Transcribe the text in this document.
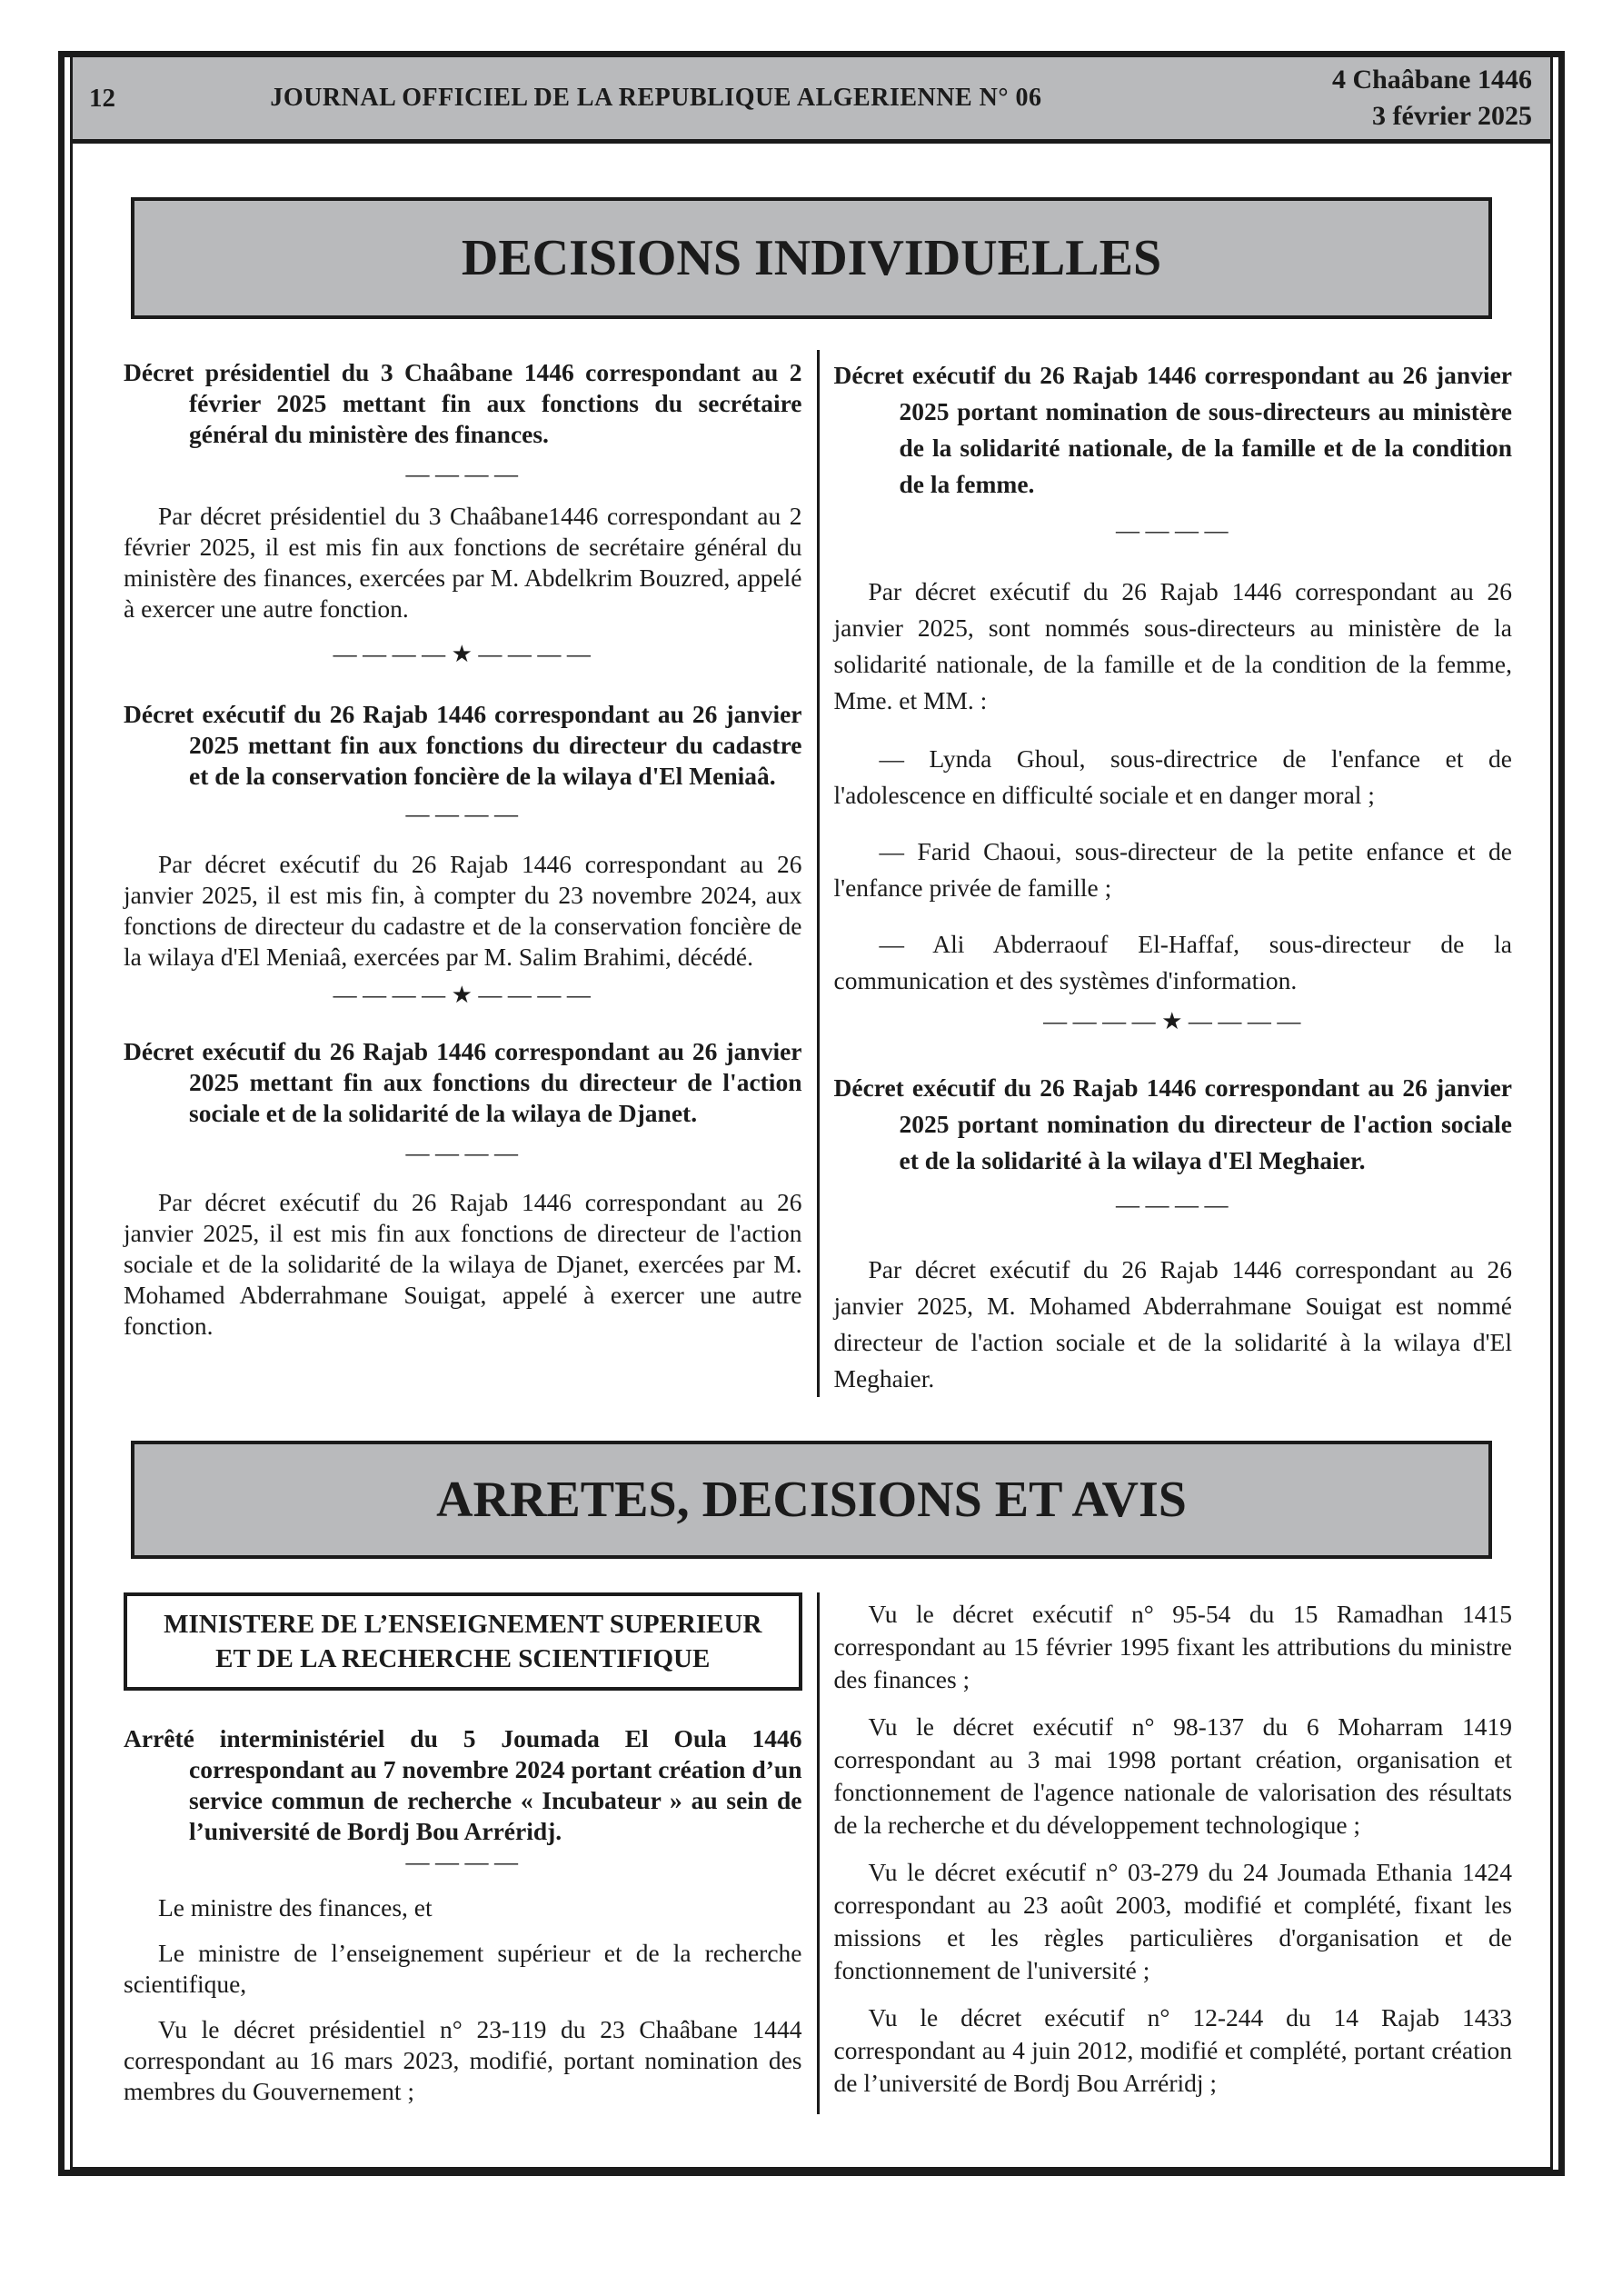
12	JOURNAL OFFICIEL DE LA REPUBLIQUE ALGERIENNE N° 06
4 Chaâbane 1446
3 février 2025
DECISIONS INDIVIDUELLES
Décret présidentiel du 3 Chaâbane 1446 correspondant au 2 février 2025 mettant fin aux fonctions du secrétaire général du ministère des finances.
— — — —

Par décret présidentiel du 3 Chaâbane1446 correspondant au 2 février 2025, il est mis fin aux fonctions de secrétaire général du ministère des finances, exercées par M. Abdelkrim Bouzred, appelé à exercer une autre fonction.

— — — — ★ — — — —
Décret exécutif du 26 Rajab 1446 correspondant au 26 janvier 2025 mettant fin aux fonctions du directeur du cadastre et de la conservation foncière de la wilaya d'El Meniaâ.
— — — —

Par décret exécutif du 26 Rajab 1446 correspondant au 26 janvier 2025, il est mis fin, à compter du 23 novembre 2024, aux fonctions de directeur du cadastre et de la conservation foncière de la wilaya d'El Meniaâ, exercées par M. Salim Brahimi, décédé.

— — — — ★ — — — —
Décret exécutif du 26 Rajab 1446 correspondant au 26 janvier 2025 mettant fin aux fonctions du directeur de l'action sociale et de la solidarité de la wilaya de Djanet.
— — — —

Par décret exécutif du 26 Rajab 1446 correspondant au 26 janvier 2025, il est mis fin aux fonctions de directeur de l'action sociale et de la solidarité de la wilaya de Djanet, exercées par M. Mohamed Abderrahmane Souigat, appelé à exercer une autre fonction.

Décret exécutif du 26 Rajab 1446 correspondant au 26 janvier 2025 portant nomination de sous-directeurs au ministère de la solidarité nationale, de la famille et de la condition de la femme.
— — — —

Par décret exécutif du 26 Rajab 1446 correspondant au 26 janvier 2025, sont nommés sous-directeurs au ministère de la solidarité nationale, de la famille et de la condition de la femme, Mme. et MM. :

— Lynda Ghoul, sous-directrice de l'enfance et de l'adolescence en difficulté sociale et en danger moral ;

— Farid Chaoui, sous-directeur de la petite enfance et de l'enfance privée de famille ;

— Ali Abderraouf El-Haffaf, sous-directeur de la communication et des systèmes d'information.

— — — — ★ — — — —
Décret exécutif du 26 Rajab 1446 correspondant au 26 janvier 2025 portant nomination du directeur de l'action sociale et de la solidarité à la wilaya d'El Meghaier.
— — — —

Par décret exécutif du 26 Rajab 1446 correspondant au 26 janvier 2025, M. Mohamed Abderrahmane Souigat est nommé directeur de l'action sociale et de la solidarité à la wilaya d'El Meghaier.

ARRETES, DECISIONS ET AVIS
MINISTERE DE L’ENSEIGNEMENT SUPERIEUR
ET DE LA RECHERCHE SCIENTIFIQUE
Arrêté interministériel du 5 Joumada El Oula 1446 correspondant au 7 novembre 2024 portant création d’un service commun de recherche « Incubateur » au sein de l’université de Bordj Bou Arréridj.
— — — —

Le ministre des finances, et

Le ministre de l’enseignement supérieur et de la recherche scientifique,

Vu le décret présidentiel n° 23-119 du 23 Chaâbane 1444 correspondant au 16 mars 2023, modifié, portant nomination des membres du Gouvernement ;

Vu le décret exécutif n° 95-54 du 15 Ramadhan 1415 correspondant au 15 février 1995 fixant les attributions du ministre des finances ;

Vu le décret exécutif n° 98-137 du 6 Moharram 1419 correspondant au 3 mai 1998 portant création, organisation et fonctionnement de l'agence nationale de valorisation des résultats de la recherche et du développement technologique ;

Vu le décret exécutif n° 03-279 du 24 Joumada Ethania 1424 correspondant au 23 août 2003, modifié et complété, fixant les missions et les règles particulières d'organisation et de fonctionnement de l'université ;

Vu le décret exécutif n° 12-244 du 14 Rajab 1433 correspondant au 4 juin 2012, modifié et complété, portant création de l’université de Bordj Bou Arréridj ;
